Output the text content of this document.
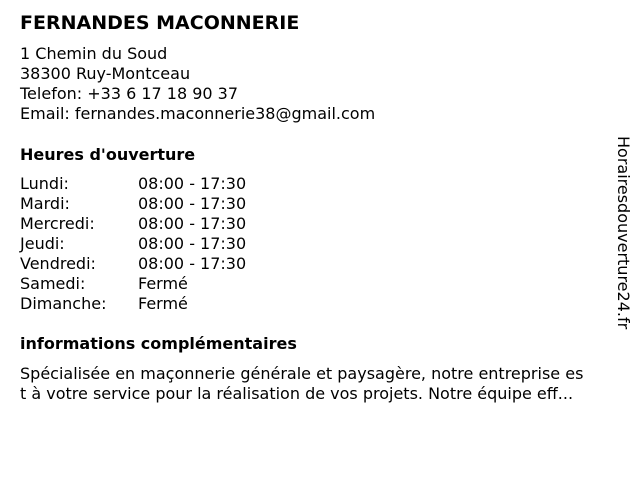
FERNANDES MACONNERIE
1 Chemin du Soud
38300 Ruy-Montceau
Telefon: +33 6 17 18 90 37
Email: fernandes.maconnerie38@gmail.com
Heures d'ouverture
Lundi:	08:00 - 17:30
Mardi:	08:00 - 17:30
Mercredi:	08:00 - 17:30
Jeudi:	08:00 - 17:30
Vendredi:	08:00 - 17:30
Samedi:	Fermé
Dimanche: Fermé
informations complémentaires
Spécialisée en maçonnerie générale et paysagère, notre entreprise es
t à votre service pour la réalisation de vos projets. Notre équipe eff...
Horairesdouverture24.fr
